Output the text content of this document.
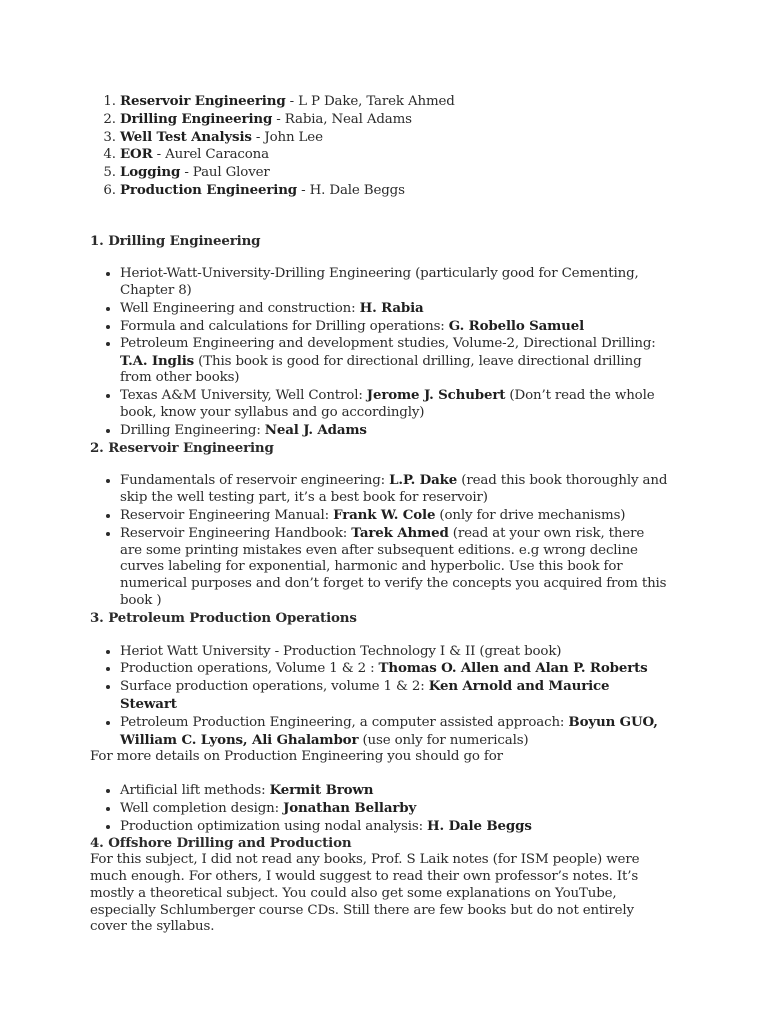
1. Reservoir Engineering - L P Dake, Tarek Ahmed
2. Drilling Engineering - Rabia, Neal Adams
3. Well Test Analysis - John Lee
4. EOR - Aurel Caracona
5. Logging - Paul Glover
6. Production Engineering - H. Dale Beggs

1. Drilling Engineering

• Heriot-Watt-University-Drilling Engineering (particularly good for Cementing, Chapter 8)
• Well Engineering and construction: H. Rabia
• Formula and calculations for Drilling operations: G. Robello Samuel
• Petroleum Engineering and development studies, Volume-2, Directional Drilling: T.A. Inglis (This book is good for directional drilling, leave directional drilling from other books)
• Texas A&M University, Well Control: Jerome J. Schubert (Don’t read the whole book, know your syllabus and go accordingly)
• Drilling Engineering: Neal J. Adams

2. Reservoir Engineering

• Fundamentals of reservoir engineering: L.P. Dake (read this book thoroughly and skip the well testing part, it’s a best book for reservoir)
• Reservoir Engineering Manual: Frank W. Cole (only for drive mechanisms)
• Reservoir Engineering Handbook: Tarek Ahmed (read at your own risk, there are some printing mistakes even after subsequent editions. e.g wrong decline curves labeling for exponential, harmonic and hyperbolic. Use this book for numerical purposes and don’t forget to verify the concepts you acquired from this book )

3. Petroleum Production Operations

• Heriot Watt University - Production Technology I & II (great book)
• Production operations, Volume 1 & 2 : Thomas O. Allen and Alan P. Roberts
• Surface production operations, volume 1 & 2: Ken Arnold and Maurice Stewart
• Petroleum Production Engineering, a computer assisted approach: Boyun GUO, William C. Lyons, Ali Ghalambor (use only for numericals)

For more details on Production Engineering you should go for

• Artificial lift methods: Kermit Brown
• Well completion design: Jonathan Bellarby
• Production optimization using nodal analysis: H. Dale Beggs

4. Offshore Drilling and Production

For this subject, I did not read any books, Prof. S Laik notes (for ISM people) were much enough. For others, I would suggest to read their own professor’s notes. It’s mostly a theoretical subject. You could also get some explanations on YouTube, especially Schlumberger course CDs. Still there are few books but do not entirely cover the syllabus.
